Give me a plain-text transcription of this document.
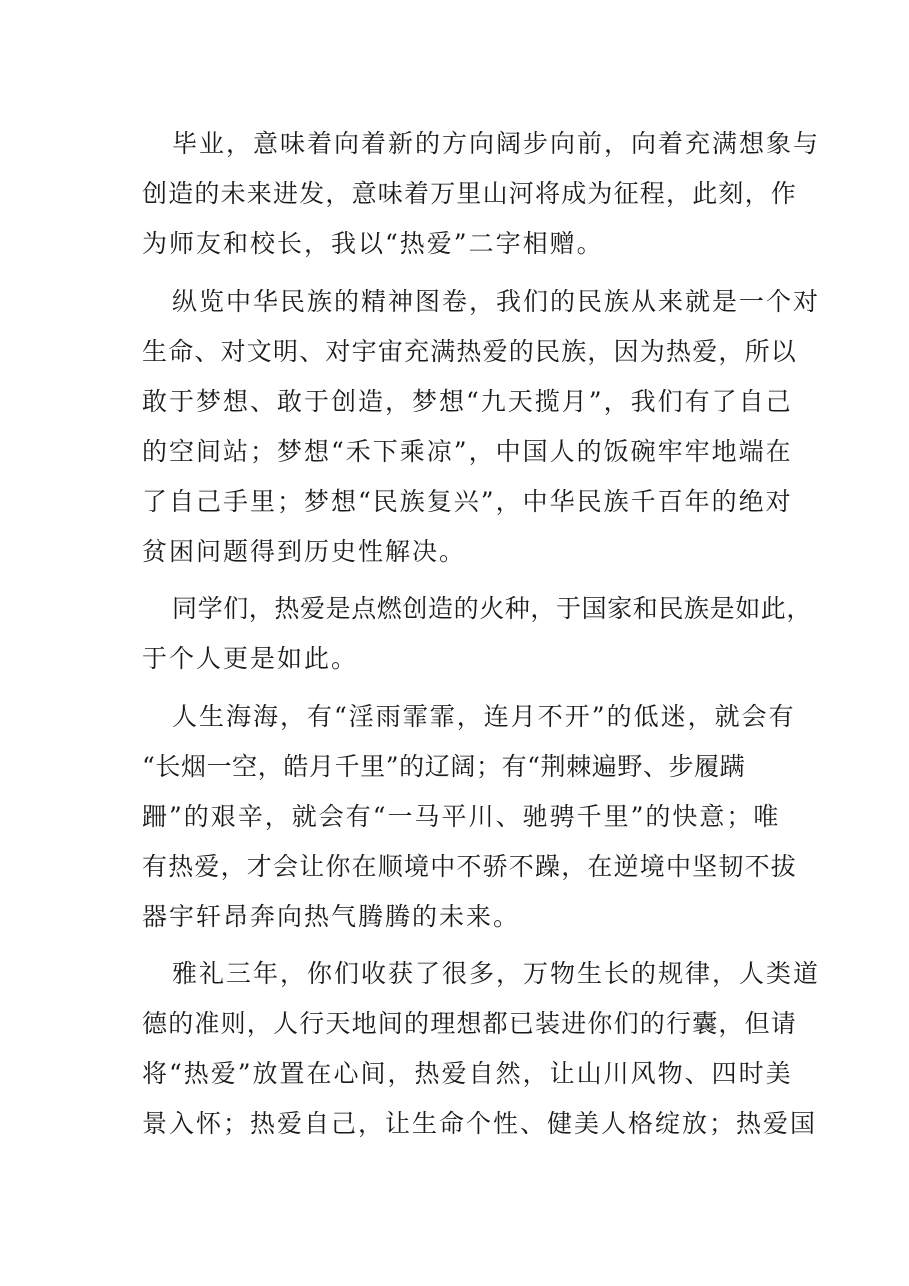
毕业，意味着向着新的方向阔步向前，向着充满想象与
创造的未来进发，意味着万里山河将成为征程，此刻，作
为师友和校长，我以“热爱”二字相赠。
纵览中华民族的精神图卷，我们的民族从来就是一个对
生命、对文明、对宇宙充满热爱的民族，因为热爱，所以
敢于梦想、敢于创造，梦想“九天揽月”，我们有了自己
的空间站；梦想“禾下乘凉”，中国人的饭碗牢牢地端在
了自己手里；梦想“民族复兴”，中华民族千百年的绝对
贫困问题得到历史性解决。
同学们，热爱是点燃创造的火种，于国家和民族是如此，
于个人更是如此。
人生海海，有“淫雨霏霏，连月不开”的低迷，就会有
“长烟一空，皓月千里”的辽阔；有“荆棘遍野、步履蹒
跚”的艰辛，就会有“一马平川、驰骋千里”的快意；唯
有热爱，才会让你在顺境中不骄不躁，在逆境中坚韧不拔
器宇轩昂奔向热气腾腾的未来。
雅礼三年，你们收获了很多，万物生长的规律，人类道
德的准则，人行天地间的理想都已装进你们的行囊，但请
将“热爱”放置在心间，热爱自然，让山川风物、四时美
景入怀；热爱自己，让生命个性、健美人格绽放；热爱国
